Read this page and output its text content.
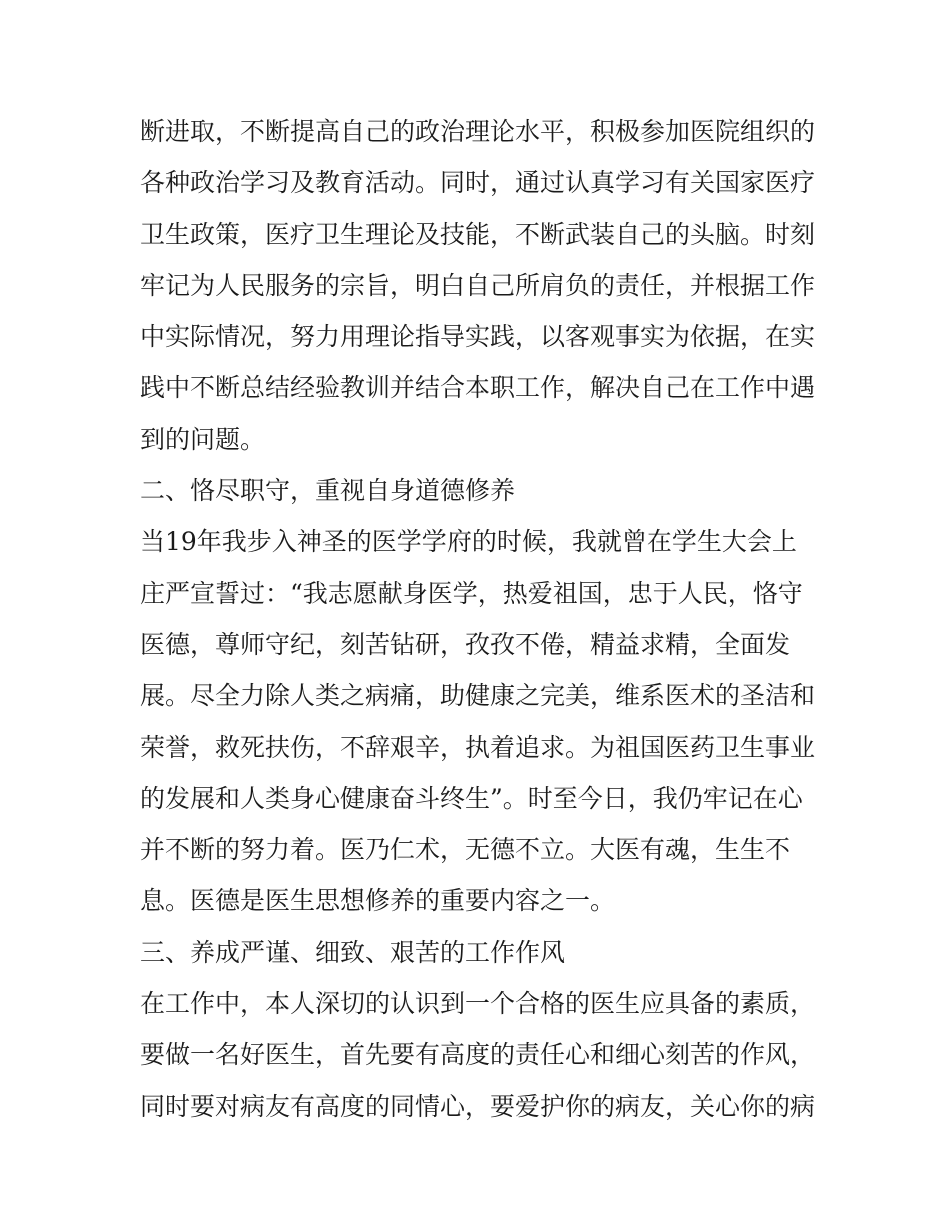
断进取，不断提高自己的政治理论水平，积极参加医院组织的
各种政治学习及教育活动。同时，通过认真学习有关国家医疗
卫生政策，医疗卫生理论及技能，不断武装自己的头脑。时刻
牢记为人民服务的宗旨，明白自己所肩负的责任，并根据工作
中实际情况，努力用理论指导实践，以客观事实为依据，在实
践中不断总结经验教训并结合本职工作，解决自己在工作中遇
到的问题。
二、恪尽职守，重视自身道德修养
当19年我步入神圣的医学学府的时候，我就曾在学生大会上
庄严宣誓过：“我志愿献身医学，热爱祖国，忠于人民，恪守
医德，尊师守纪，刻苦钻研，孜孜不倦，精益求精，全面发
展。尽全力除人类之病痛，助健康之完美，维系医术的圣洁和
荣誉，救死扶伤，不辞艰辛，执着追求。为祖国医药卫生事业
的发展和人类身心健康奋斗终生”。时至今日，我仍牢记在心
并不断的努力着。医乃仁术，无德不立。大医有魂，生生不
息。医德是医生思想修养的重要内容之一。
三、养成严谨、细致、艰苦的工作作风
在工作中，本人深切的认识到一个合格的医生应具备的素质，
要做一名好医生，首先要有高度的责任心和细心刻苦的作风，
同时要对病友有高度的同情心，要爱护你的病友，关心你的病
